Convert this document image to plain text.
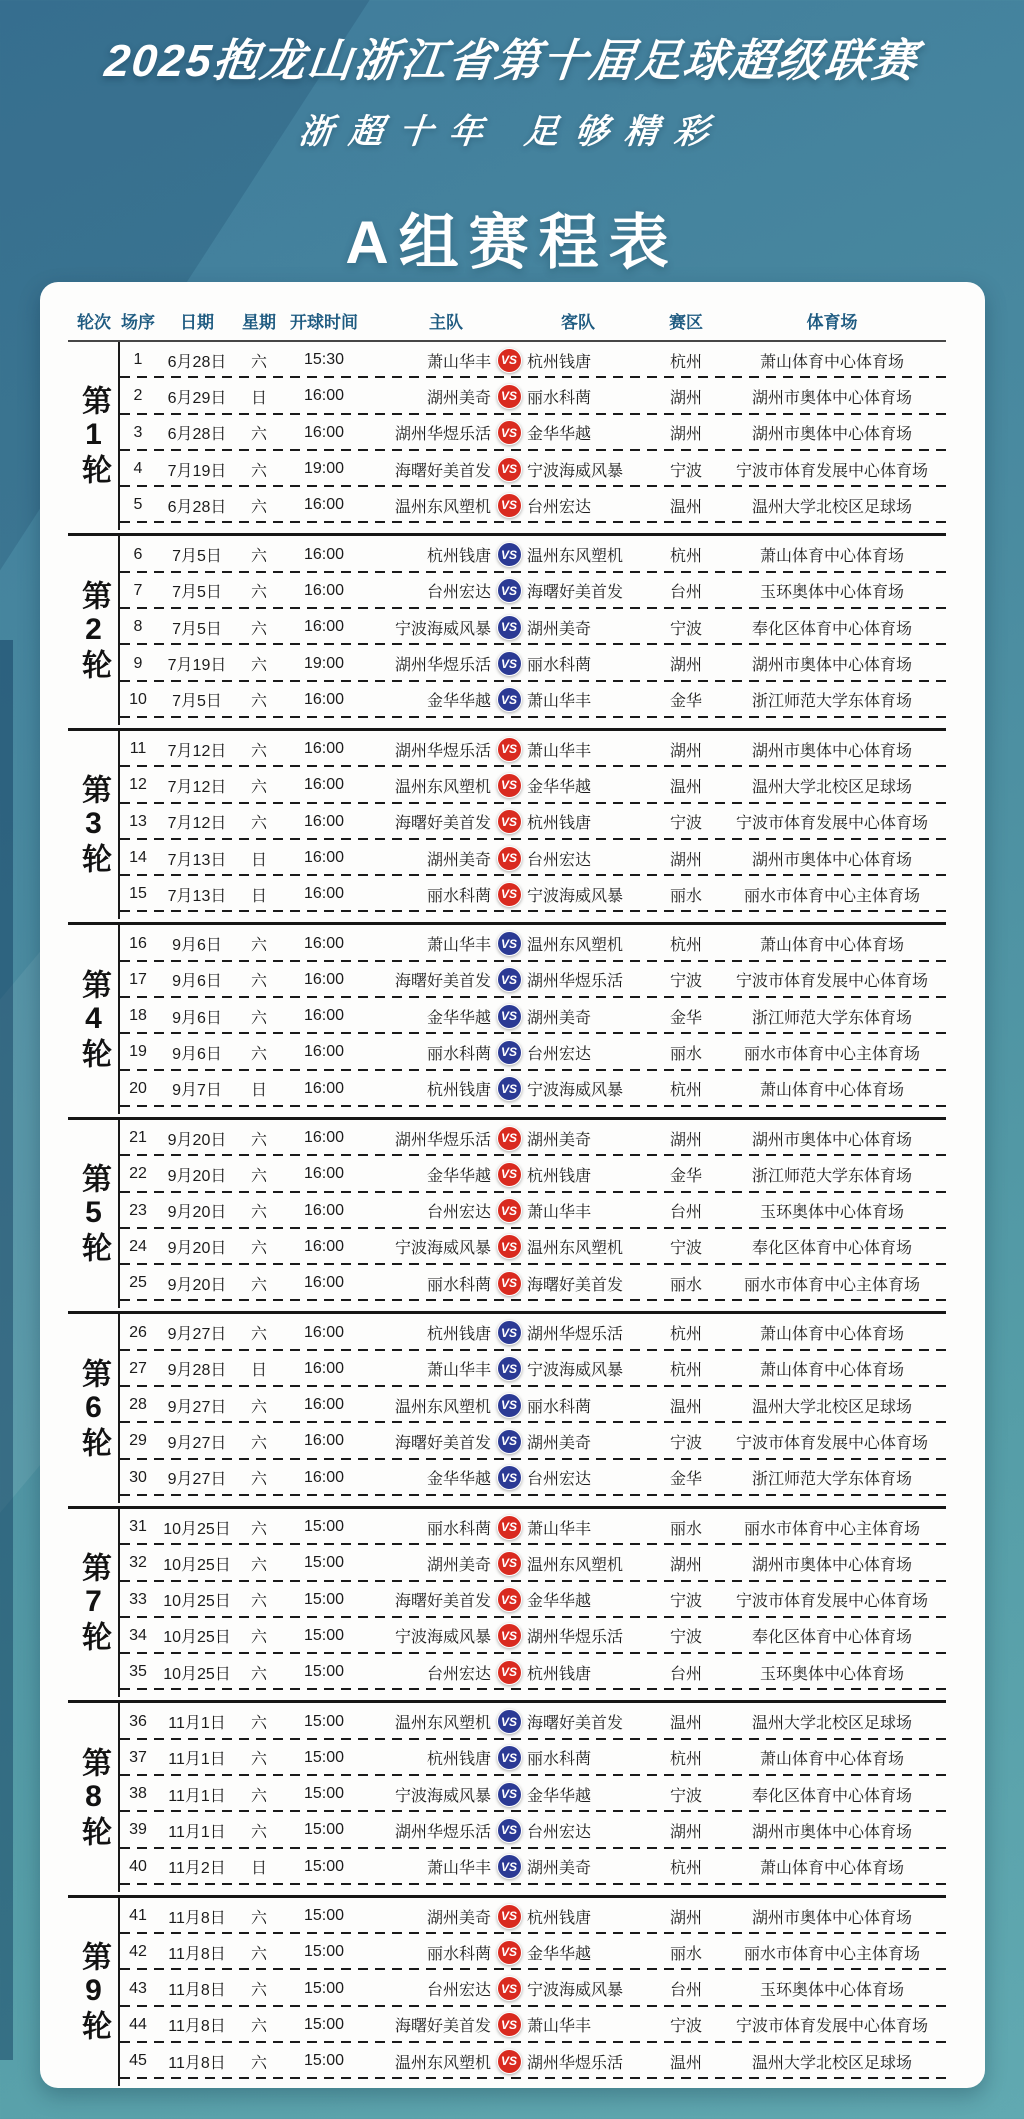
2025抱龙山浙江省第十届足球超级联赛
浙超十年 足够精彩
A组赛程表
轮次 场序	日期	星期 开球时间	主队	客队	赛区	体育场
第1轮
1	6月28日	六	15:30	萧山华丰 VS 杭州钱唐	杭州	萧山体育中心体育场
2	6月29日	日	16:00	湖州美奇 VS 丽水科菵	湖州	湖州市奥体中心体育场
3	6月28日	六	16:00	湖州华煜乐活 VS 金华华越	湖州	湖州市奥体中心体育场
4	7月19日	六	19:00	海曙好美首发 VS 宁波海威风暴	宁波	宁波市体育发展中心体育场
5	6月28日	六	16:00	温州东风塑机 VS 台州宏达	温州	温州大学北校区足球场
第2轮
6	7月5日	六	16:00	杭州钱唐 VS 温州东风塑机	杭州	萧山体育中心体育场
7	7月5日	六	16:00	台州宏达 VS 海曙好美首发	台州	玉环奥体中心体育场
8	7月5日	六	16:00	宁波海威风暴 VS 湖州美奇	宁波	奉化区体育中心体育场
9	7月19日	六	19:00	湖州华煜乐活 VS 丽水科菵	湖州	湖州市奥体中心体育场
10	7月5日	六	16:00	金华华越 VS 萧山华丰	金华	浙江师范大学东体育场
第3轮
11	7月12日	六	16:00	湖州华煜乐活 VS 萧山华丰	湖州	湖州市奥体中心体育场
12	7月12日	六	16:00	温州东风塑机 VS 金华华越	温州	温州大学北校区足球场
13	7月12日	六	16:00	海曙好美首发 VS 杭州钱唐	宁波	宁波市体育发展中心体育场
14	7月13日	日	16:00	湖州美奇 VS 台州宏达	湖州	湖州市奥体中心体育场
15	7月13日	日	16:00	丽水科菵 VS 宁波海威风暴	丽水	丽水市体育中心主体育场
第4轮
16	9月6日	六	16:00	萧山华丰 VS 温州东风塑机	杭州	萧山体育中心体育场
17	9月6日	六	16:00	海曙好美首发 VS 湖州华煜乐活	宁波	宁波市体育发展中心体育场
18	9月6日	六	16:00	金华华越 VS 湖州美奇	金华	浙江师范大学东体育场
19	9月6日	六	16:00	丽水科菵 VS 台州宏达	丽水	丽水市体育中心主体育场
20	9月7日	日	16:00	杭州钱唐 VS 宁波海威风暴	杭州	萧山体育中心体育场
第5轮
21	9月20日	六	16:00	湖州华煜乐活 VS 湖州美奇	湖州	湖州市奥体中心体育场
22	9月20日	六	16:00	金华华越 VS 杭州钱唐	金华	浙江师范大学东体育场
23	9月20日	六	16:00	台州宏达 VS 萧山华丰	台州	玉环奥体中心体育场
24	9月20日	六	16:00	宁波海威风暴 VS 温州东风塑机	宁波	奉化区体育中心体育场
25	9月20日	六	16:00	丽水科菵 VS 海曙好美首发	丽水	丽水市体育中心主体育场
第6轮
26	9月27日	六	16:00	杭州钱唐 VS 湖州华煜乐活	杭州	萧山体育中心体育场
27	9月28日	日	16:00	萧山华丰 VS 宁波海威风暴	杭州	萧山体育中心体育场
28	9月27日	六	16:00	温州东风塑机 VS 丽水科菵	温州	温州大学北校区足球场
29	9月27日	六	16:00	海曙好美首发 VS 湖州美奇	宁波	宁波市体育发展中心体育场
30	9月27日	六	16:00	金华华越 VS 台州宏达	金华	浙江师范大学东体育场
第7轮
31	10月25日	六	15:00	丽水科菵 VS 萧山华丰	丽水	丽水市体育中心主体育场
32	10月25日	六	15:00	湖州美奇 VS 温州东风塑机	湖州	湖州市奥体中心体育场
33	10月25日	六	15:00	海曙好美首发 VS 金华华越	宁波	宁波市体育发展中心体育场
34	10月25日	六	15:00	宁波海威风暴 VS 湖州华煜乐活	宁波	奉化区体育中心体育场
35	10月25日	六	15:00	台州宏达 VS 杭州钱唐	台州	玉环奥体中心体育场
第8轮
36	11月1日	六	15:00	温州东风塑机 VS 海曙好美首发	温州	温州大学北校区足球场
37	11月1日	六	15:00	杭州钱唐 VS 丽水科菵	杭州	萧山体育中心体育场
38	11月1日	六	15:00	宁波海威风暴 VS 金华华越	宁波	奉化区体育中心体育场
39	11月1日	六	15:00	湖州华煜乐活 VS 台州宏达	湖州	湖州市奥体中心体育场
40	11月2日	日	15:00	萧山华丰 VS 湖州美奇	杭州	萧山体育中心体育场
第9轮
41	11月8日	六	15:00	湖州美奇 VS 杭州钱唐	湖州	湖州市奥体中心体育场
42	11月8日	六	15:00	丽水科菵 VS 金华华越	丽水	丽水市体育中心主体育场
43	11月8日	六	15:00	台州宏达 VS 宁波海威风暴	台州	玉环奥体中心体育场
44	11月8日	六	15:00	海曙好美首发 VS 萧山华丰	宁波	宁波市体育发展中心体育场
45	11月8日	六	15:00	温州东风塑机 VS 湖州华煜乐活	温州	温州大学北校区足球场
